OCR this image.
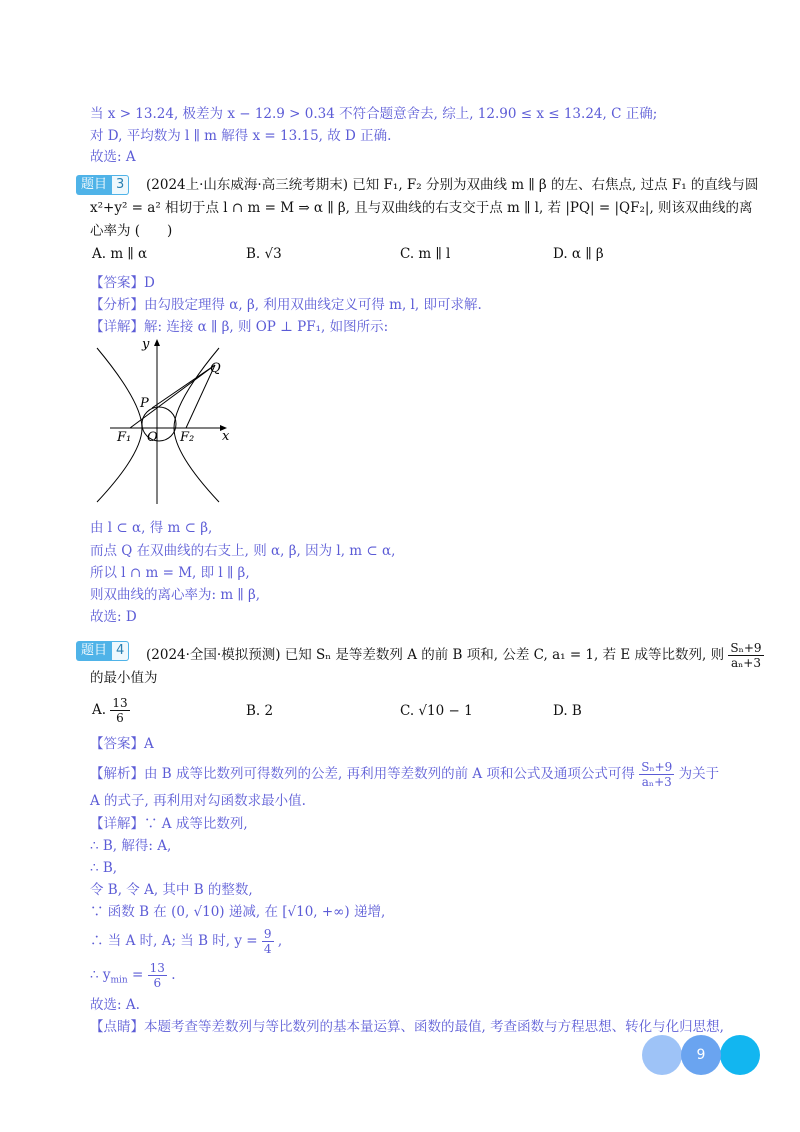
当 x > 13.24, 极差为 x − 12.9 > 0.34 不符合题意舍去, 综上, 12.90 ≤ x ≤ 13.24, C 正确;
对 D, 平均数为 l ∥ m 解得 x = 13.15, 故 D 正确.
故选: A
题目 3	(2024上·山东威海·高三统考期末) 已知 F₁, F₂ 分别为双曲线 m ∥ β 的左、右焦点, 过点 F₁ 的直线与圆
x²+y² = a² 相切于点 l ∩ m = M ⇒ α ∥ β, 且与双曲线的右支交于点 m ∥ l, 若 |PQ| = |QF₂|, 则该双曲线的离
心率为 (　　)
A. m ∥ α	B. √3	C. m ∥ l	D. α ∥ β
【答案】D
【分析】由勾股定理得 α, β, 利用双曲线定义可得 m, l, 即可求解.
【详解】解: 连接 α ∥ β, 则 OP ⊥ PF₁, 如图所示:
y
x
Q
P
F₁ O F₂
由 l ⊂ α, 得 m ⊂ β,
而点 Q 在双曲线的右支上, 则 α, β, 因为 l, m ⊂ α,
所以 l ∩ m = M, 即 l ∥ β,
则双曲线的离心率为: m ∥ β,
故选: D
题目 4	(2024·全国·模拟预测) 已知 Sₙ 是等差数列 A 的前 B 项和, 公差 C, a₁ = 1, 若 E 成等比数列, 则 $\frac{\text{Sₙ+9}}{\text{aₙ+3}}$
的最小值为
A. $\frac{13}{6}$	B. 2	C. √10 − 1	D. B
【答案】A
【解析】由 B 成等比数列可得数列的公差, 再利用等差数列的前 A 项和公式及通项公式可得 $\frac{\text{Sₙ+9}}{\text{aₙ+3}}$ 为关于
A 的式子, 再利用对勾函数求最小值.
【详解】∵ A 成等比数列,
∴ B, 解得: A,
∴ B,
令 B, 令 A, 其中 B 的整数,
∵ 函数 B 在 (0, √10) 递减, 在 [√10, +∞) 递增,
∴ 当 A 时, A; 当 B 时, $y = \frac{9}{4}$ ,
∴ $y_{min} = \frac{13}{6}$ .
故选: A.
【点睛】本题考查等差数列与等比数列的基本量运算、函数的最值, 考查函数与方程思想、转化与化归思想,
9
